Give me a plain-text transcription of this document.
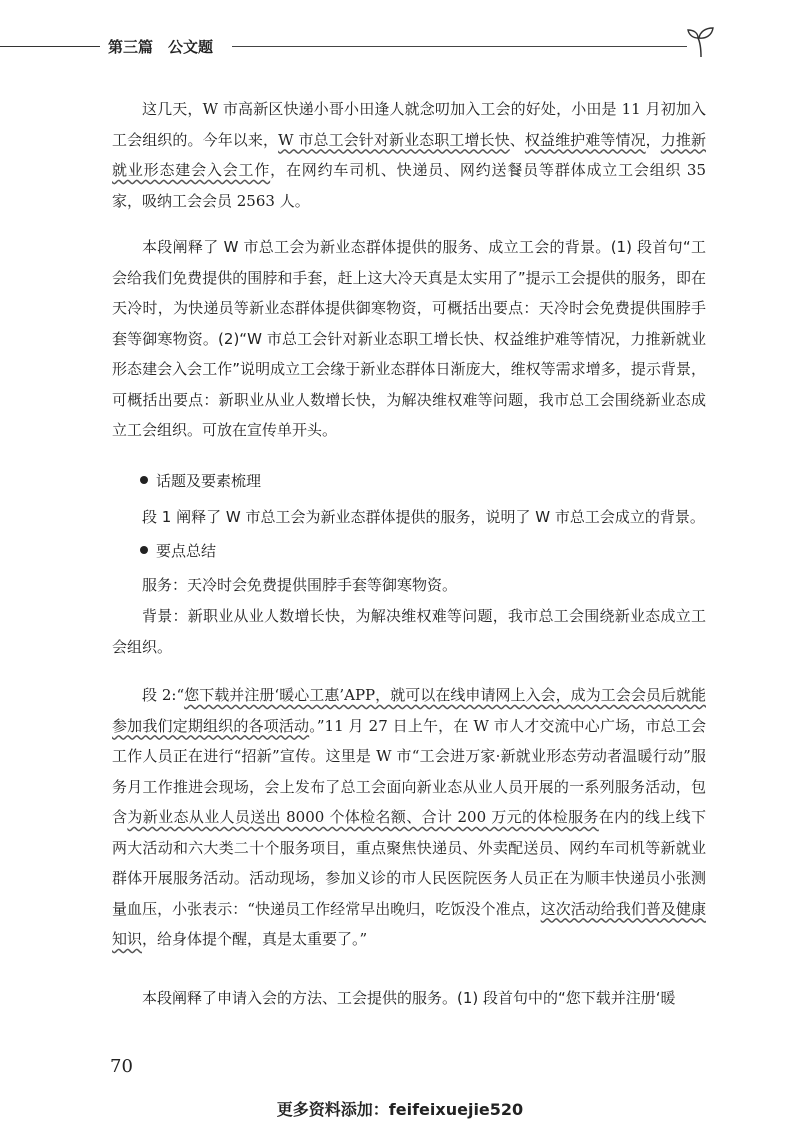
第三篇　公文题

这几天，W 市高新区快递小哥小田逢人就念叨加入工会的好处，小田是 11 月初加入工会组织的。今年以来，W 市总工会针对新业态职工增长快、权益维护难等情况，力推新就业形态建会入会工作，在网约车司机、快递员、网约送餐员等群体成立工会组织 35 家，吸纳工会会员 2563 人。

本段阐释了 W 市总工会为新业态群体提供的服务、成立工会的背景。(1) 段首句“工会给我们免费提供的围脖和手套，赶上这大冷天真是太实用了”提示工会提供的服务，即在天冷时，为快递员等新业态群体提供御寒物资，可概括出要点：天冷时会免费提供围脖手套等御寒物资。(2)“W 市总工会针对新业态职工增长快、权益维护难等情况，力推新就业形态建会入会工作”说明成立工会缘于新业态群体日渐庞大，维权等需求增多，提示背景，可概括出要点：新职业从业人数增长快，为解决维权难等问题，我市总工会围绕新业态成立工会组织。可放在宣传单开头。

话题及要素梳理

段 1 阐释了 W 市总工会为新业态群体提供的服务，说明了 W 市总工会成立的背景。

要点总结

服务：天冷时会免费提供围脖手套等御寒物资。

背景：新职业从业人数增长快，为解决维权难等问题，我市总工会围绕新业态成立工会组织。

段 2:“您下载并注册‘暖心工惠’APP，就可以在线申请网上入会，成为工会会员后就能参加我们定期组织的各项活动。”11 月 27 日上午，在 W 市人才交流中心广场，市总工会工作人员正在进行“招新”宣传。这里是 W 市“工会进万家·新就业形态劳动者温暖行动”服务月工作推进会现场，会上发布了总工会面向新业态从业人员开展的一系列服务活动，包含为新业态从业人员送出 8000 个体检名额、合计 200 万元的体检服务在内的线上线下两大活动和六大类二十个服务项目，重点聚焦快递员、外卖配送员、网约车司机等新就业群体开展服务活动。活动现场，参加义诊的市人民医院医务人员正在为顺丰快递员小张测量血压，小张表示：“快递员工作经常早出晚归，吃饭没个准点，这次活动给我们普及健康知识，给身体提个醒，真是太重要了。”

本段阐释了申请入会的方法、工会提供的服务。(1) 段首句中的“您下载并注册‘暖

70
更多资料添加：feifeixuejie520
